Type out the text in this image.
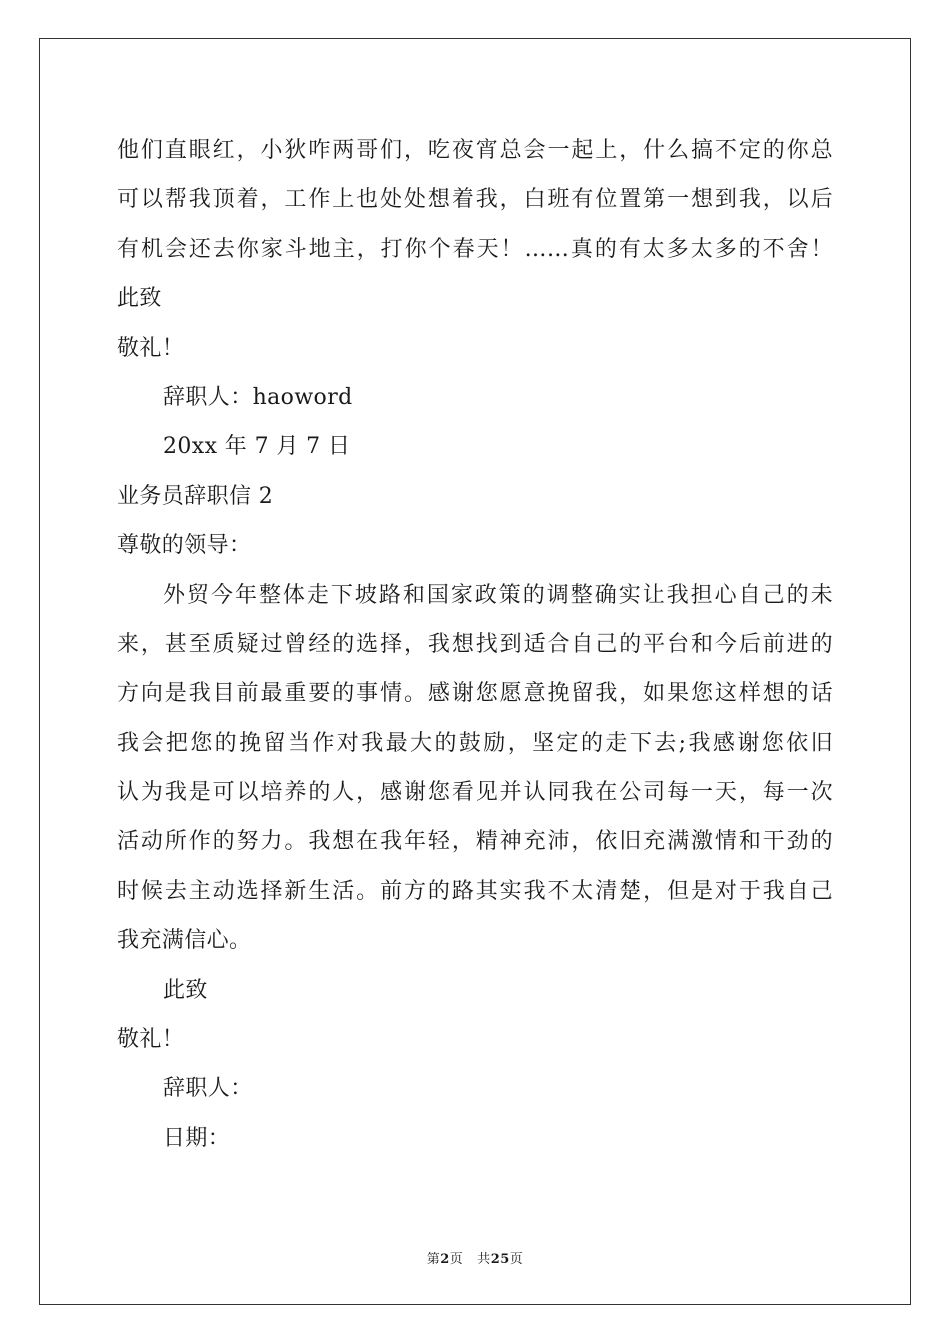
他们直眼红，小狄咋两哥们，吃夜宵总会一起上，什么搞不定的你总
可以帮我顶着，工作上也处处想着我，白班有位置第一想到我，以后
有机会还去你家斗地主，打你个春天！……真的有太多太多的不舍！
此致
敬礼！
辞职人：haoword
20xx 年 7 月 7 日
业务员辞职信 2
尊敬的领导：
外贸今年整体走下坡路和国家政策的调整确实让我担心自己的未
来，甚至质疑过曾经的选择，我想找到适合自己的平台和今后前进的
方向是我目前最重要的事情。感谢您愿意挽留我，如果您这样想的话
我会把您的挽留当作对我最大的鼓励，坚定的走下去;我感谢您依旧
认为我是可以培养的人，感谢您看见并认同我在公司每一天，每一次
活动所作的努力。我想在我年轻，精神充沛，依旧充满激情和干劲的
时候去主动选择新生活。前方的路其实我不太清楚，但是对于我自己
我充满信心。
此致
敬礼！
辞职人：
日期：
第2页 共25页
